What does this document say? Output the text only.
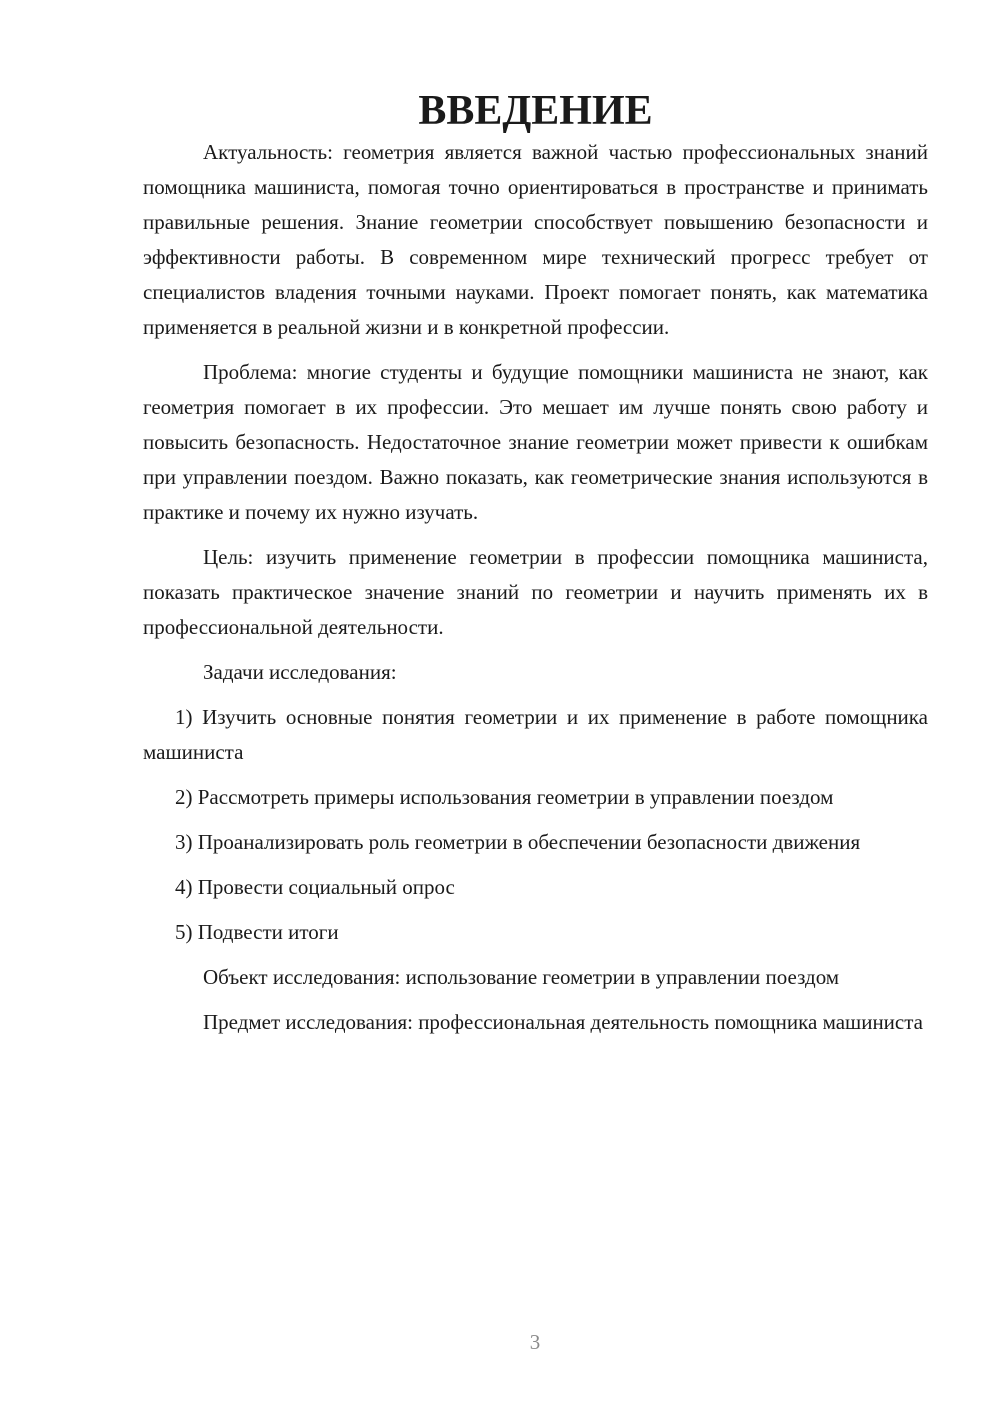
ВВЕДЕНИЕ

Актуальность: геометрия является важной частью профессиональных знаний помощника машиниста, помогая точно ориентироваться в пространстве и принимать правильные решения. Знание геометрии способствует повышению безопасности и эффективности работы. В современном мире технический прогресс требует от специалистов владения точными науками. Проект помогает понять, как математика применяется в реальной жизни и в конкретной профессии.

Проблема: многие студенты и будущие помощники машиниста не знают, как геометрия помогает в их профессии. Это мешает им лучше понять свою работу и повысить безопасность. Недостаточное знание геометрии может привести к ошибкам при управлении поездом. Важно показать, как геометрические знания используются в практике и почему их нужно изучать.

Цель: изучить применение геометрии в профессии помощника машиниста, показать практическое значение знаний по геометрии и научить применять их в профессиональной деятельности.

Задачи исследования:

1) Изучить основные понятия геометрии и их применение в работе помощника машиниста

2) Рассмотреть примеры использования геометрии в управлении поездом

3) Проанализировать роль геометрии в обеспечении безопасности движения

4) Провести социальный опрос

5) Подвести итоги

Объект исследования: использование геометрии в управлении поездом

Предмет исследования: профессиональная деятельность помощника машиниста

3
